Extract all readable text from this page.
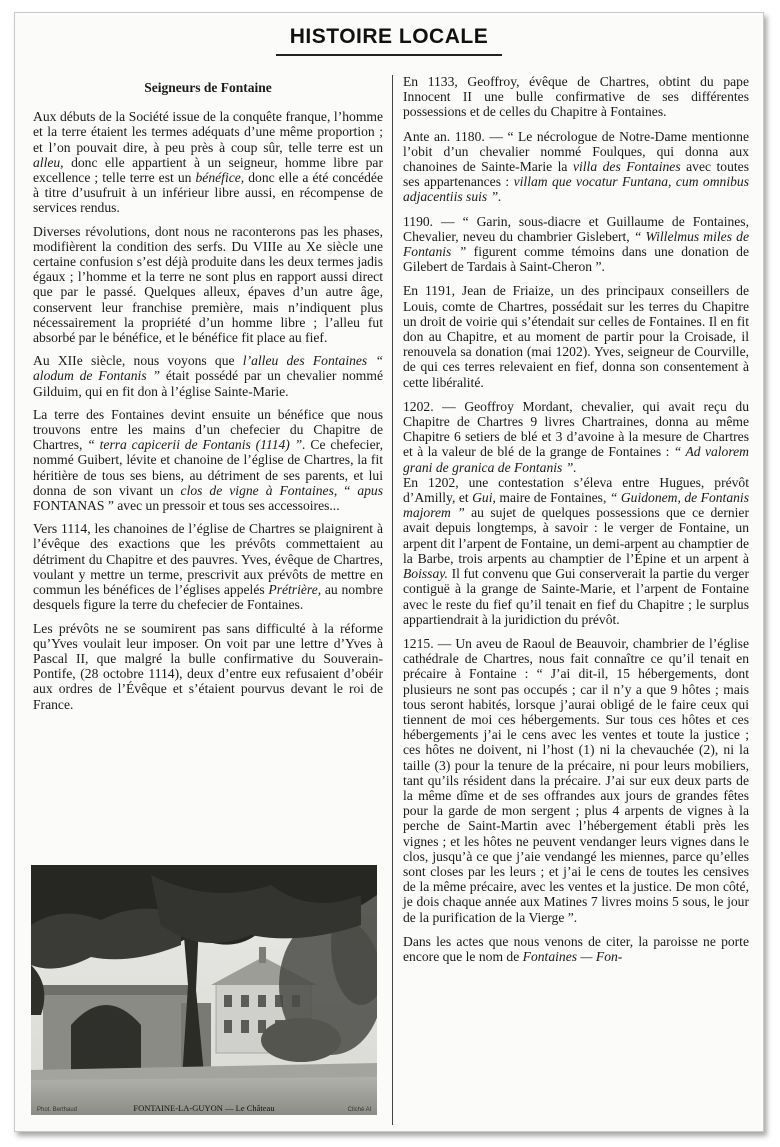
HISTOIRE LOCALE
Seigneurs de Fontaine

Aux débuts de la Société issue de la conquête franque, l’homme et la terre étaient les termes adéquats d’une même proportion ; et l’on pouvait dire, à peu près à coup sûr, telle terre est un alleu, donc elle appartient à un seigneur, homme libre par excellence ; telle terre est un bénéfice, donc elle a été concédée à titre d’usufruit à un inférieur libre aussi, en récompense de services rendus.

Diverses révolutions, dont nous ne raconterons pas les phases, modifièrent la condition des serfs. Du VIIIe au Xe siècle une certaine confusion s’est déjà produite dans les deux termes jadis égaux ; l’homme et la terre ne sont plus en rapport aussi direct que par le passé. Quelques alleux, épaves d’un autre âge, conservent leur franchise première, mais n’indiquent plus nécessairement la propriété d’un homme libre ; l’alleu fut absorbé par le bénéfice, et le bénéfice fit place au fief.

Au XIIe siècle, nous voyons que l’alleu des Fontaines “ alodum de Fontanis ” était possédé par un chevalier nommé Gilduim, qui en fit don à l’église Sainte-Marie.

La terre des Fontaines devint ensuite un bénéfice que nous trouvons entre les mains d’un chefecier du Chapitre de Chartres, “ terra capicerii de Fontanis (1114) ”. Ce chefecier, nommé Guibert, lévite et chanoine de l’église de Chartres, la fit héritière de tous ses biens, au détriment de ses parents, et lui donna de son vivant un clos de vigne à Fontaines, “ apus FONTANAS ” avec un pressoir et tous ses accessoires...

Vers 1114, les chanoines de l’église de Chartres se plaignirent à l’évêque des exactions que les prévôts commettaient au détriment du Chapitre et des pauvres. Yves, évêque de Chartres, voulant y mettre un terme, prescrivit aux prévôts de mettre en commun les bénéfices de l’églises appelés Prétrière, au nombre desquels figure la terre du chefecier de Fontaines.

Les prévôts ne se soumirent pas sans difficulté à la réforme qu’Yves voulait leur imposer. On voit par une lettre d’Yves à Pascal II, que malgré la bulle confirmative du Souverain-Pontife, (28 octobre 1114), deux d’entre eux refusaient d’obéir aux ordres de l’Évêque et s’étaient pourvus devant le roi de France.

Phot. Berthaud	FONTAINE-LA-GUYON — Le Château	Cliché Al

En 1133, Geoffroy, évêque de Chartres, obtint du pape Innocent II une bulle confirmative de ses différentes possessions et de celles du Chapitre à Fontaines.

Ante an. 1180. — “ Le nécrologue de Notre-Dame mentionne l’obit d’un chevalier nommé Foulques, qui donna aux chanoines de Sainte-Marie la villa des Fontaines avec toutes ses appartenances : villam que vocatur Funtana, cum omnibus adjacentiis suis ”.

1190. — “ Garin, sous-diacre et Guillaume de Fontaines, Chevalier, neveu du chambrier Gislebert, “ Willelmus miles de Fontanis ” figurent comme témoins dans une donation de Gilebert de Tardais à Saint-Cheron ”.

En 1191, Jean de Friaize, un des principaux conseillers de Louis, comte de Chartres, possédait sur les terres du Chapitre un droit de voirie qui s’étendait sur celles de Fontaines. Il en fit don au Chapitre, et au moment de partir pour la Croisade, il renouvela sa donation (mai 1202). Yves, seigneur de Courville, de qui ces terres relevaient en fief, donna son consentement à cette libéralité.

1202. — Geoffroy Mordant, chevalier, qui avait reçu du Chapitre de Chartres 9 livres Chartraines, donna au même Chapitre 6 setiers de blé et 3 d’avoine à la mesure de Chartres et à la valeur de blé de la grange de Fontaines : “ Ad valorem grani de granica de Fontanis ”.

En 1202, une contestation s’éleva entre Hugues, prévôt d’Amilly, et Gui, maire de Fontaines, “ Guidonem, de Fontanis majorem ” au sujet de quelques possessions que ce dernier avait depuis longtemps, à savoir : le verger de Fontaine, un arpent dit l’arpent de Fontaine, un demi-arpent au champtier de la Barbe, trois arpents au champtier de l’Épine et un arpent à Boissay. Il fut convenu que Gui conserverait la partie du verger contiguë à la grange de Sainte-Marie, et l’arpent de Fontaine avec le reste du fief qu’il tenait en fief du Chapitre ; le surplus appartiendrait à la juridiction du prévôt.

1215. — Un aveu de Raoul de Beauvoir, chambrier de l’église cathédrale de Chartres, nous fait connaître ce qu’il tenait en précaire à Fontaine : “ J’ai dit-il, 15 hébergements, dont plusieurs ne sont pas occupés ; car il n’y a que 9 hôtes ; mais tous seront habités, lorsque j’aurai obligé de le faire ceux qui tiennent de moi ces hébergements. Sur tous ces hôtes et ces hébergements j’ai le cens avec les ventes et toute la justice ; ces hôtes ne doivent, ni l’host (1) ni la chevauchée (2), ni la taille (3) pour la tenure de la précaire, ni pour leurs mobiliers, tant qu’ils résident dans la précaire. J’ai sur eux deux parts de la même dîme et de ses offrandes aux jours de grandes fêtes pour la garde de mon sergent ; plus 4 arpents de vignes à la perche de Saint-Martin avec l’hébergement établi près les vignes ; et les hôtes ne peuvent vendanger leurs vignes dans le clos, jusqu’à ce que j’aie vendangé les miennes, parce qu’elles sont closes par les leurs ; et j’ai le cens de toutes les censives de la même précaire, avec les ventes et la justice. De mon côté, je dois chaque année aux Matines 7 livres moins 5 sous, le jour de la purification de la Vierge ”.

Dans les actes que nous venons de citer, la paroisse ne porte encore que le nom de Fontaines — Fon-
